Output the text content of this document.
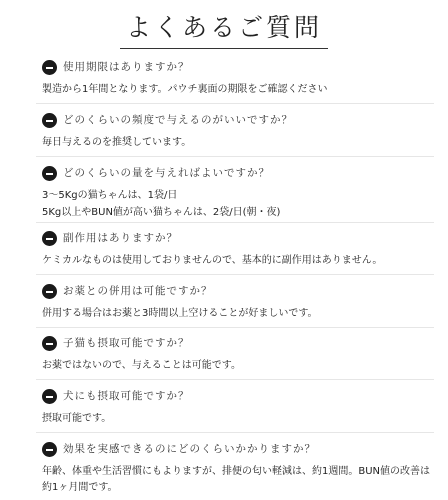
よくあるご質問
使用期限はありますか？
製造から1年間となります。パウチ裏面の期限をご確認ください
どのくらいの頻度で与えるのがいいですか？
毎日与えるのを推奨しています。
どのくらいの量を与えればよいですか？
3〜5Kgの猫ちゃんは、1袋/日
5Kg以上やBUN値が高い猫ちゃんは、2袋/日(朝・夜)
副作用はありますか？
ケミカルなものは使用しておりませんので、基本的に副作用はありません。
お薬との併用は可能ですか？
併用する場合はお薬と3時間以上空けることが好ましいです。
子猫も摂取可能ですか？
お薬ではないので、与えることは可能です。
犬にも摂取可能ですか？
摂取可能です。
効果を実感できるのにどのくらいかかりますか？
年齢、体重や生活習慣にもよりますが、排便の匂い軽減は、約1週間。BUN値の改善は
約1ヶ月間です。
